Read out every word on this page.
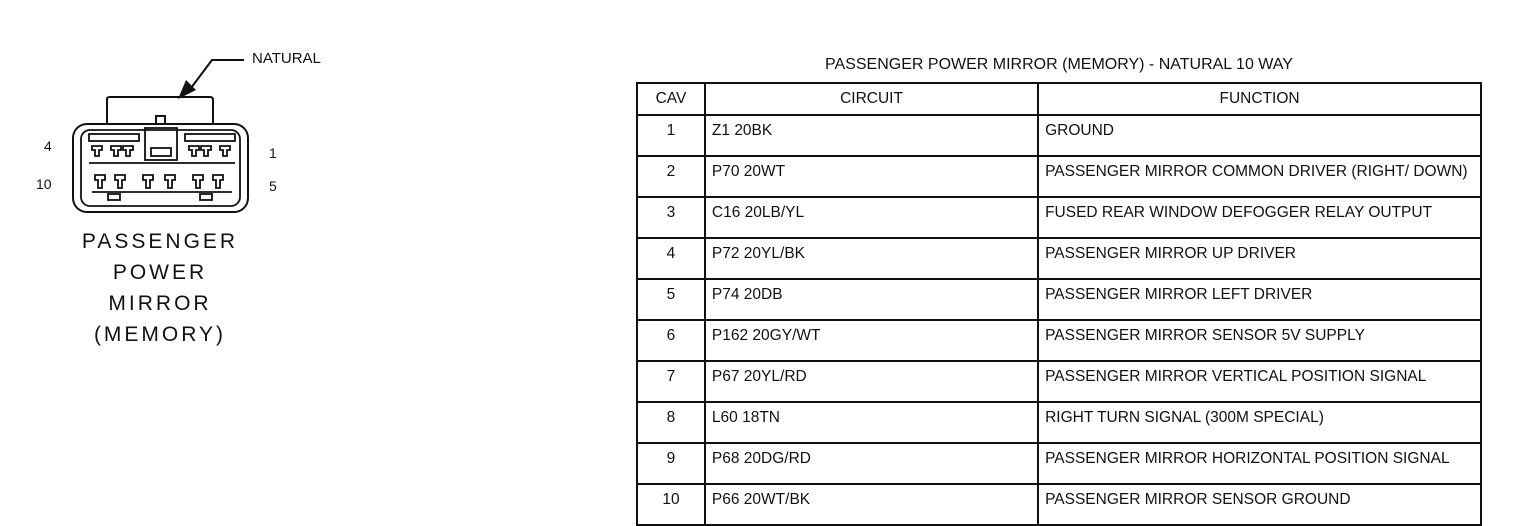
NATURAL
4
10
1
5
PASSENGER
POWER
MIRROR
(MEMORY)
PASSENGER POWER MIRROR (MEMORY) - NATURAL 10 WAY
CAV	CIRCUIT	FUNCTION
1	Z1 20BK	GROUND
2	P70 20WT	PASSENGER MIRROR COMMON DRIVER (RIGHT/ DOWN)
3	C16 20LB/YL	FUSED REAR WINDOW DEFOGGER RELAY OUTPUT
4	P72 20YL/BK	PASSENGER MIRROR UP DRIVER
5	P74 20DB	PASSENGER MIRROR LEFT DRIVER
6	P162 20GY/WT	PASSENGER MIRROR SENSOR 5V SUPPLY
7	P67 20YL/RD	PASSENGER MIRROR VERTICAL POSITION SIGNAL
8	L60 18TN	RIGHT TURN SIGNAL (300M SPECIAL)
9	P68 20DG/RD	PASSENGER MIRROR HORIZONTAL POSITION SIGNAL
10	P66 20WT/BK	PASSENGER MIRROR SENSOR GROUND
